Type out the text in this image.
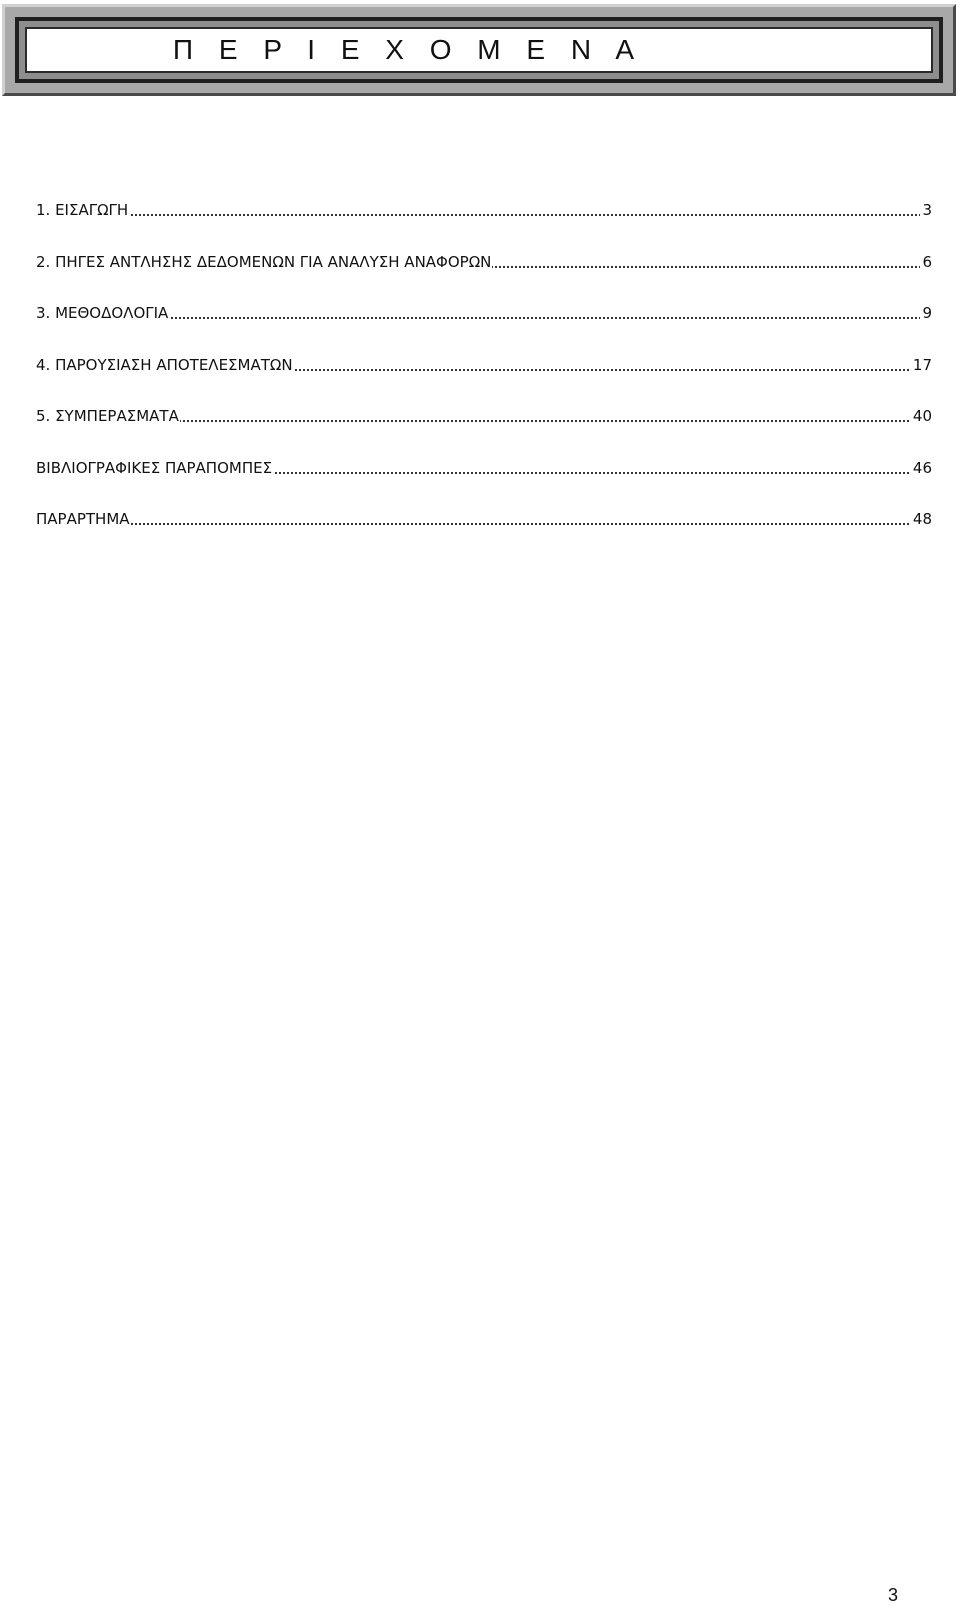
Π Ε Ρ Ι Ε Χ Ο Μ Ε Ν Α
1. ΕΙΣΑΓΩΓΗ	3
2. ΠΗΓΕΣ ΑΝΤΛΗΣΗΣ ΔΕΔΟΜΕΝΩΝ ΓΙΑ ΑΝΑΛΥΣΗ ΑΝΑΦΟΡΩΝ	6
3. ΜΕΘΟΔΟΛΟΓΙΑ	9
4. ΠΑΡΟΥΣΙΑΣΗ ΑΠΟΤΕΛΕΣΜΑΤΩΝ	17
5. ΣΥΜΠΕΡΑΣΜΑΤΑ	40
ΒΙΒΛΙΟΓΡΑΦΙΚΕΣ ΠΑΡΑΠΟΜΠΕΣ	46
ΠΑΡΑΡΤΗΜΑ	48
3
